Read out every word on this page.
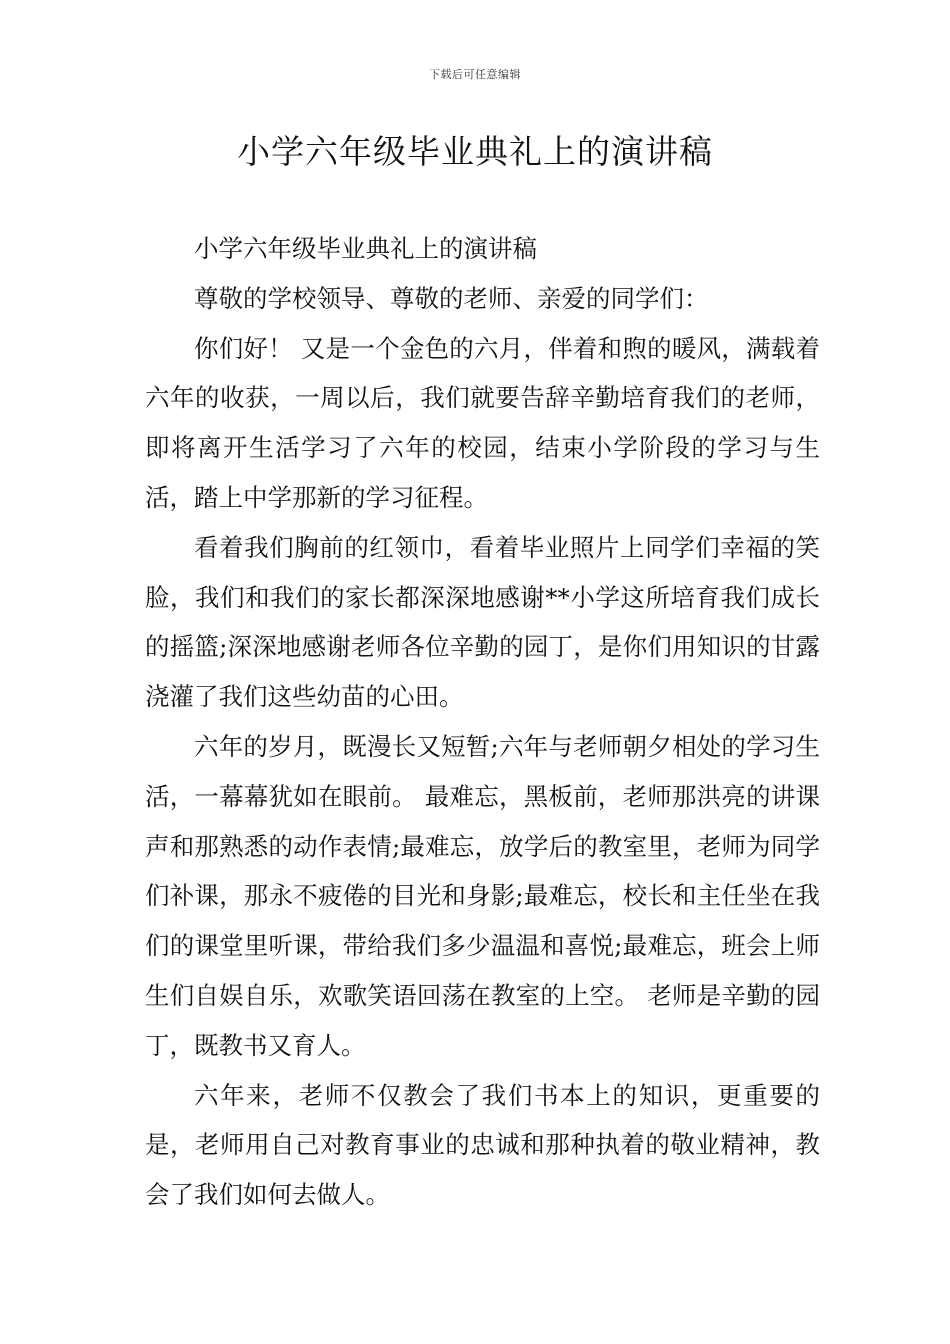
下载后可任意编辑
小学六年级毕业典礼上的演讲稿

小学六年级毕业典礼上的演讲稿

尊敬的学校领导、尊敬的老师、亲爱的同学们：

你们好！ 又是一个金色的六月，伴着和煦的暖风，满载着六年的收获，一周以后，我们就要告辞辛勤培育我们的老师，即将离开生活学习了六年的校园，结束小学阶段的学习与生活，踏上中学那新的学习征程。

看着我们胸前的红领巾，看着毕业照片上同学们幸福的笑脸，我们和我们的家长都深深地感谢**小学这所培育我们成长的摇篮;深深地感谢老师各位辛勤的园丁，是你们用知识的甘露浇灌了我们这些幼苗的心田。

六年的岁月，既漫长又短暂;六年与老师朝夕相处的学习生活，一幕幕犹如在眼前。 最难忘，黑板前，老师那洪亮的讲课声和那熟悉的动作表情;最难忘，放学后的教室里，老师为同学们补课，那永不疲倦的目光和身影;最难忘，校长和主任坐在我们的课堂里听课，带给我们多少温温和喜悦;最难忘，班会上师生们自娱自乐，欢歌笑语回荡在教室的上空。 老师是辛勤的园丁，既教书又育人。

六年来，老师不仅教会了我们书本上的知识，更重要的是，老师用自己对教育事业的忠诚和那种执着的敬业精神，教会了我们如何去做人。
